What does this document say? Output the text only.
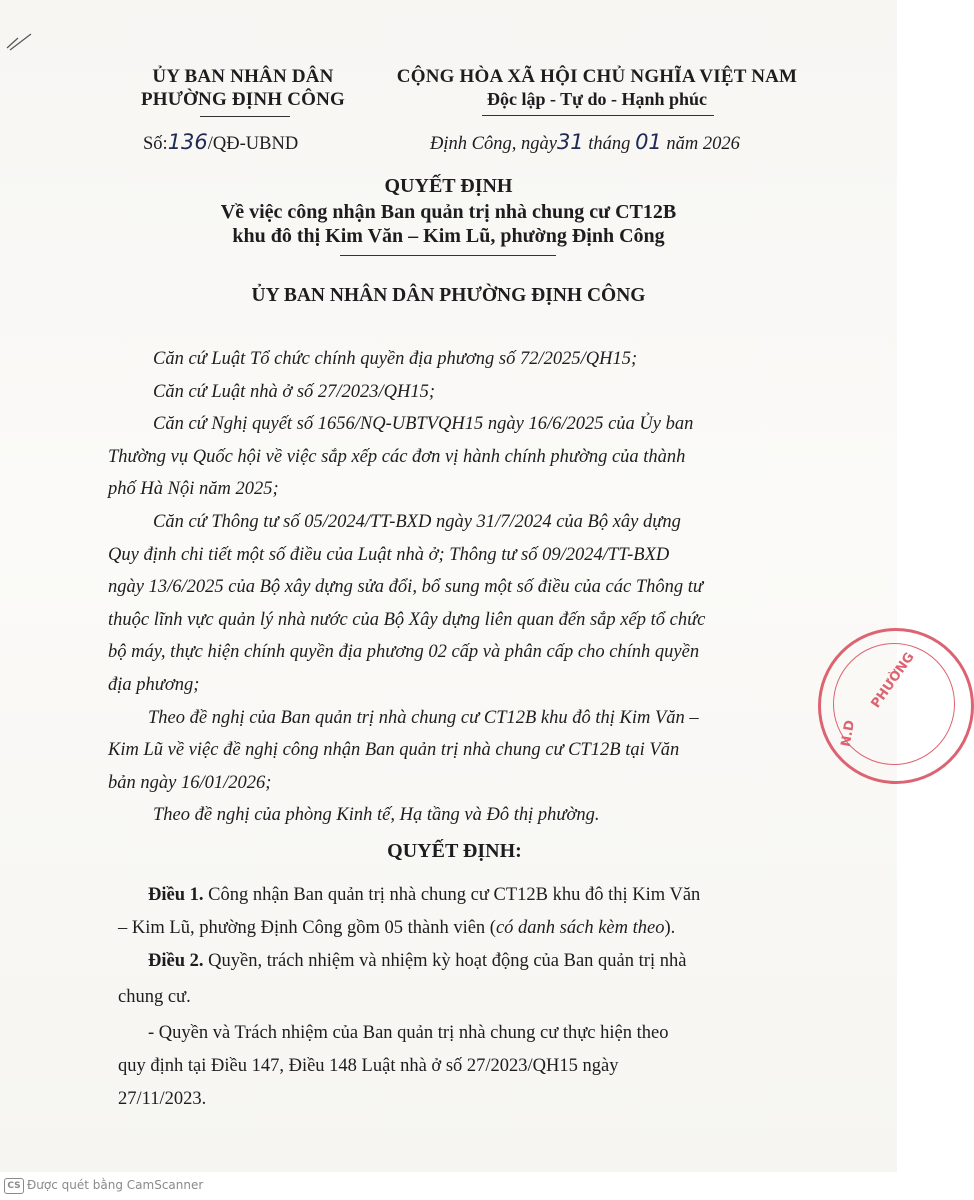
ỦY BAN NHÂN DÂN
PHƯỜNG ĐỊNH CÔNG
CỘNG HÒA XÃ HỘI CHỦ NGHĨA VIỆT NAM
Độc lập - Tự do - Hạnh phúc
Số:136/QĐ-UBND	Định Công, ngày31 tháng 01 năm 2026
QUYẾT ĐỊNH
Về việc công nhận Ban quản trị nhà chung cư CT12B
khu đô thị Kim Văn – Kim Lũ, phường Định Công
ỦY BAN NHÂN DÂN PHƯỜNG ĐỊNH CÔNG
Căn cứ Luật Tổ chức chính quyền địa phương số 72/2025/QH15;
Căn cứ Luật nhà ở số 27/2023/QH15;
Căn cứ Nghị quyết số 1656/NQ-UBTVQH15 ngày 16/6/2025 của Ủy ban
Thường vụ Quốc hội về việc sắp xếp các đơn vị hành chính phường của thành
phố Hà Nội năm 2025;
Căn cứ Thông tư số 05/2024/TT-BXD ngày 31/7/2024 của Bộ xây dựng
Quy định chi tiết một số điều của Luật nhà ở; Thông tư số 09/2024/TT-BXD
ngày 13/6/2025 của Bộ xây dựng sửa đổi, bổ sung một số điều của các Thông tư
thuộc lĩnh vực quản lý nhà nước của Bộ Xây dựng liên quan đến sắp xếp tổ chức
bộ máy, thực hiện chính quyền địa phương 02 cấp và phân cấp cho chính quyền
địa phương;
Theo đề nghị của Ban quản trị nhà chung cư CT12B khu đô thị Kim Văn –
Kim Lũ về việc đề nghị công nhận Ban quản trị nhà chung cư CT12B tại Văn
bản ngày 16/01/2026;
Theo đề nghị của phòng Kinh tế, Hạ tầng và Đô thị phường.
QUYẾT ĐỊNH:
Điều 1. Công nhận Ban quản trị nhà chung cư CT12B khu đô thị Kim Văn
– Kim Lũ, phường Định Công gồm 05 thành viên (có danh sách kèm theo).
Điều 2. Quyền, trách nhiệm và nhiệm kỳ hoạt động của Ban quản trị nhà
chung cư.
- Quyền và Trách nhiệm của Ban quản trị nhà chung cư thực hiện theo
quy định tại Điều 147, Điều 148 Luật nhà ở số 27/2023/QH15 ngày
27/11/2023.
PHƯỜNG
N.D
CS Được quét bằng CamScanner
